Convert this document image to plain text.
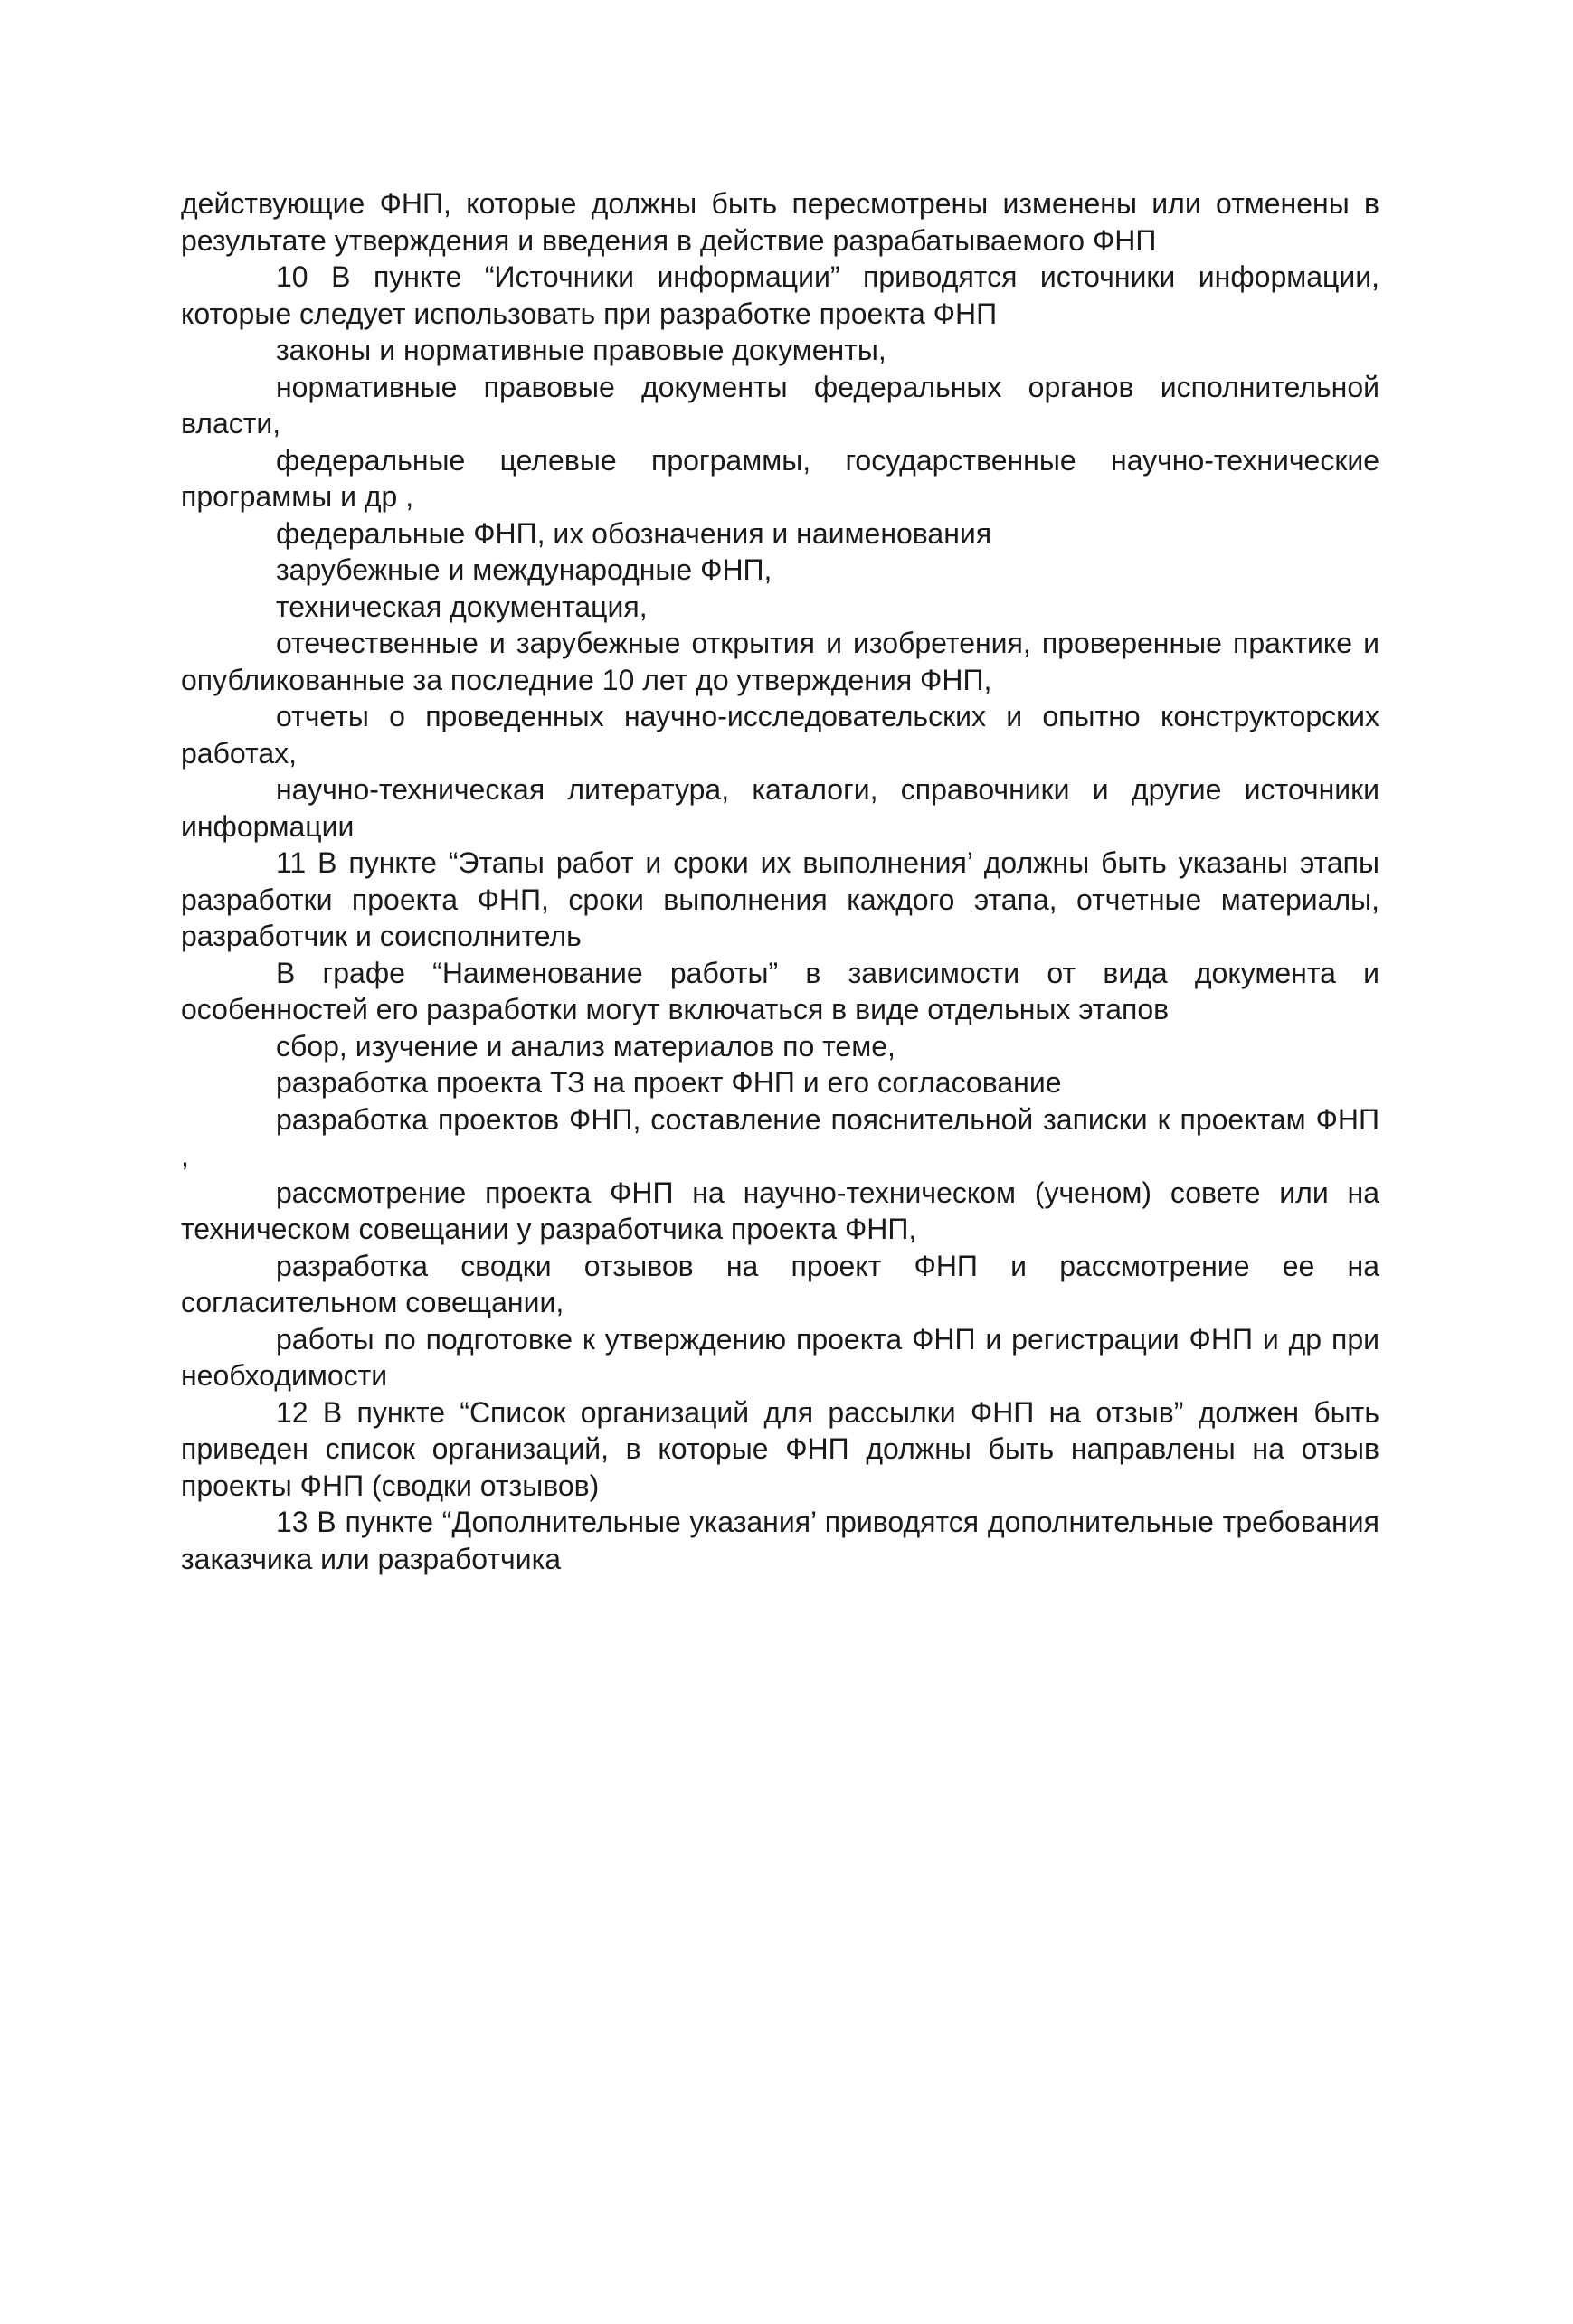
действующие ФНП, которые должны быть пересмотрены изменены или отменены в результате утверждения и введения в действие разрабатываемого ФНП

10 В пункте “Источники информации” приводятся источники информации, которые следует использовать при разработке проекта ФНП

законы и нормативные правовые документы,

нормативные правовые документы федеральных органов исполнительной власти,

федеральные целевые программы, государственные научно-технические программы и др ,

федеральные ФНП, их обозначения и наименования

зарубежные и международные ФНП,

техническая документация,

отечественные и зарубежные открытия и изобретения, проверенные практике и опубликованные за последние 10 лет до утверждения ФНП,

отчеты о проведенных научно-исследовательских и опытно конструкторских работах,

научно-техническая литература, каталоги, справочники и другие источники информации

11 В пункте “Этапы работ и сроки их выполнения’ должны быть указаны этапы разработки проекта ФНП, сроки выполнения каждого этапа, отчетные материалы, разработчик и соисполнитель

В графе “Наименование работы” в зависимости от вида документа и особенностей его разработки могут включаться в виде отдельных этапов

сбор, изучение и анализ материалов по теме,

разработка проекта ТЗ на проект ФНП и его согласование

разработка проектов ФНП, составление пояснительной записки к проектам ФНП ,

рассмотрение проекта ФНП на научно-техническом (ученом) совете или на техническом совещании у разработчика проекта ФНП,

разработка сводки отзывов на проект ФНП и рассмотрение ее на согласительном совещании,

работы по подготовке к утверждению проекта ФНП и регистрации ФНП и др при необходимости

12 В пункте “Список организаций для рассылки ФНП на отзыв” должен быть приведен список организаций, в которые ФНП должны быть направлены на отзыв проекты ФНП (сводки отзывов)

13 В пункте “Дополнительные указания’ приводятся дополнительные требования заказчика или разработчика
